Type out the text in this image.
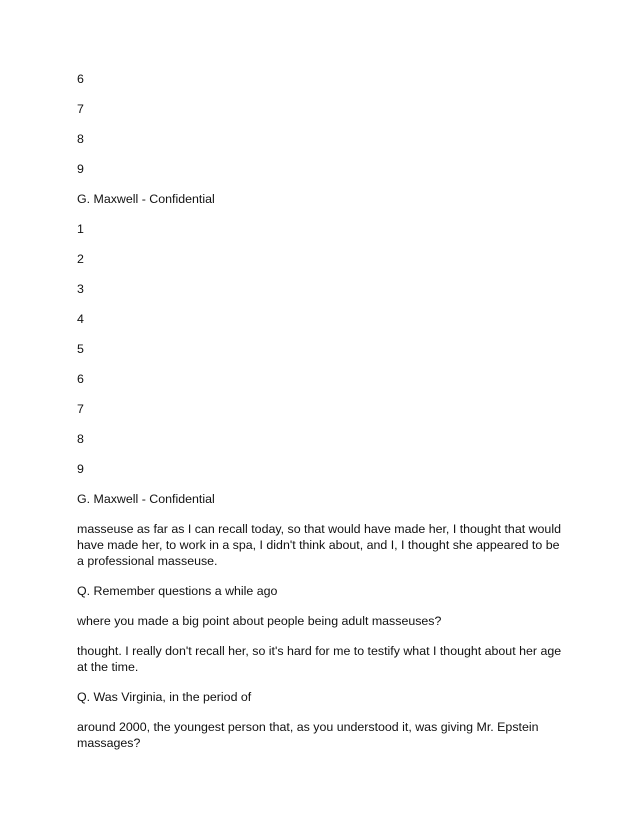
6

7

8

9

G. Maxwell - Confidential

1

2

3

4

5

6

7

8

9

G. Maxwell - Confidential

masseuse as far as I can recall today, so that would have made her, I thought that would have made her, to work in a spa, I didn't think about, and I, I thought she appeared to be a professional masseuse.

Q. Remember questions a while ago

where you made a big point about people being adult masseuses?

thought. I really don't recall her, so it's hard for me to testify what I thought about her age at the time.

Q. Was Virginia, in the period of

around 2000, the youngest person that, as you understood it, was giving Mr. Epstein massages?
